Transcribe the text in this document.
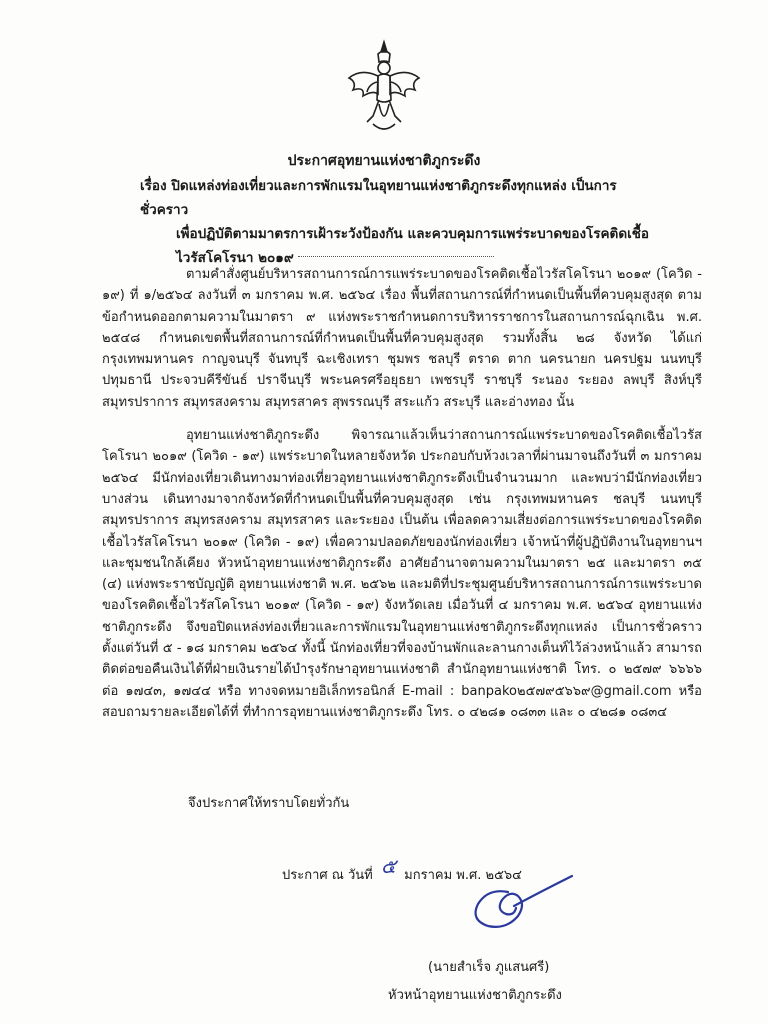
ประกาศอุทยานแห่งชาติภูกระดึง
เรื่อง ปิดแหล่งท่องเที่ยวและการพักแรมในอุทยานแห่งชาติภูกระดึงทุกแหล่ง เป็นการชั่วคราว
เพื่อปฏิบัติตามมาตรการเฝ้าระวังป้องกัน และควบคุมการแพร่ระบาดของโรคติดเชื้อ
ไวรัสโคโรนา ๒๐๑๙

ตามคำสั่งศูนย์บริหารสถานการณ์การแพร่ระบาดของโรคติดเชื้อไวรัสโคโรนา ๒๐๑๙ (โควิด - ๑๙) ที่ ๑/๒๕๖๔ ลงวันที่ ๓ มกราคม พ.ศ. ๒๕๖๔ เรื่อง พื้นที่สถานการณ์ที่กำหนดเป็นพื้นที่ควบคุมสูงสุด ตามข้อกำหนดออกตามความในมาตรา ๙ แห่งพระราชกำหนดการบริหารราชการในสถานการณ์ฉุกเฉิน พ.ศ. ๒๕๔๘ กำหนดเขตพื้นที่สถานการณ์ที่กำหนดเป็นพื้นที่ควบคุมสูงสุด รวมทั้งสิ้น ๒๘ จังหวัด ได้แก่ กรุงเทพมหานคร กาญจนบุรี จันทบุรี ฉะเชิงเทรา ชุมพร ชลบุรี ตราด ตาก นครนายก นครปฐม นนทบุรี ปทุมธานี ประจวบคีรีขันธ์ ปราจีนบุรี พระนครศรีอยุธยา เพชรบุรี ราชบุรี ระนอง ระยอง ลพบุรี สิงห์บุรี สมุทรปราการ สมุทรสงคราม สมุทรสาคร สุพรรณบุรี สระแก้ว สระบุรี และอ่างทอง นั้น

อุทยานแห่งชาติภูกระดึง พิจารณาแล้วเห็นว่าสถานการณ์แพร่ระบาดของโรคติดเชื้อไวรัสโคโรนา ๒๐๑๙ (โควิด - ๑๙) แพร่ระบาดในหลายจังหวัด ประกอบกับห้วงเวลาที่ผ่านมาจนถึงวันที่ ๓ มกราคม ๒๕๖๔ มีนักท่องเที่ยวเดินทางมาท่องเที่ยวอุทยานแห่งชาติภูกระดึงเป็นจำนวนมาก และพบว่ามีนักท่องเที่ยวบางส่วน เดินทางมาจากจังหวัดที่กำหนดเป็นพื้นที่ควบคุมสูงสุด เช่น กรุงเทพมหานคร ชลบุรี นนทบุรี สมุทรปราการ สมุทรสงคราม สมุทรสาคร และระยอง เป็นต้น เพื่อลดความเสี่ยงต่อการแพร่ระบาดของโรคติดเชื้อไวรัสโคโรนา ๒๐๑๙ (โควิด - ๑๙) เพื่อความปลอดภัยของนักท่องเที่ยว เจ้าหน้าที่ผู้ปฏิบัติงานในอุทยานฯ และชุมชนใกล้เคียง หัวหน้าอุทยานแห่งชาติภูกระดึง อาศัยอำนาจตามความในมาตรา ๒๕ และมาตรา ๓๕ (๔) แห่งพระราชบัญญัติ อุทยานแห่งชาติ พ.ศ. ๒๕๖๒ และมติที่ประชุมศูนย์บริหารสถานการณ์การแพร่ระบาดของโรคติดเชื้อไวรัสโคโรนา ๒๐๑๙ (โควิด - ๑๙) จังหวัดเลย เมื่อวันที่ ๔ มกราคม พ.ศ. ๒๕๖๔ อุทยานแห่งชาติภูกระดึง จึงขอปิดแหล่งท่องเที่ยวและการพักแรมในอุทยานแห่งชาติภูกระดึงทุกแหล่ง เป็นการชั่วคราว ตั้งแต่วันที่ ๕ - ๑๘ มกราคม ๒๕๖๔ ทั้งนี้ นักท่องเที่ยวที่จองบ้านพักและลานกางเต็นท์ไว้ล่วงหน้าแล้ว สามารถติดต่อขอคืนเงินได้ที่ฝ่ายเงินรายได้บำรุงรักษาอุทยานแห่งชาติ สำนักอุทยานแห่งชาติ โทร. ๐ ๒๕๗๙ ๖๖๖๖ ต่อ ๑๗๔๓, ๑๗๔๔ หรือ ทางจดหมายอิเล็กทรอนิกส์ E-mail : banpako๒๕๗๙๕๖๖๙@gmail.com หรือสอบถามรายละเอียดได้ที่ ที่ทำการอุทยานแห่งชาติภูกระดึง โทร. ๐ ๔๒๘๑ ๐๘๓๓ และ ๐ ๔๒๘๑ ๐๘๓๔

จึงประกาศให้ทราบโดยทั่วกัน
ประกาศ ณ วันที่ ๕ มกราคม พ.ศ. ๒๕๖๔
(นายสำเร็จ ภูแสนศรี)
หัวหน้าอุทยานแห่งชาติภูกระดึง
